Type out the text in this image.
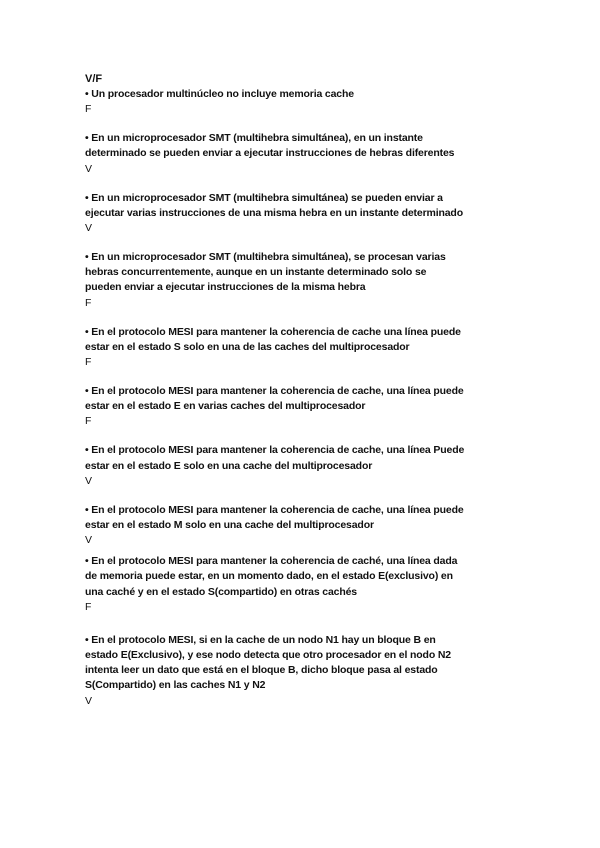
V/F

• Un procesador multinúcleo no incluye memoria cache

F

• En un microprocesador SMT (multihebra simultánea), en un instante determinado se pueden enviar a ejecutar instrucciones de hebras diferentes

V

• En un microprocesador SMT (multihebra simultánea) se pueden enviar a ejecutar varias instrucciones de una misma hebra en un instante determinado

V

• En un microprocesador SMT (multihebra simultánea), se procesan varias hebras concurrentemente, aunque en un instante determinado solo se pueden enviar a ejecutar instrucciones de la misma hebra

F

• En el protocolo MESI para mantener la coherencia de cache una línea puede estar en el estado S solo en una de las caches del multiprocesador

F

• En el protocolo MESI para mantener la coherencia de cache, una línea puede estar en el estado E en varias caches del multiprocesador

F

• En el protocolo MESI para mantener la coherencia de cache, una línea Puede estar en el estado E solo en una cache del multiprocesador

V

• En el protocolo MESI para mantener la coherencia de cache, una línea puede estar en el estado M solo en una cache del multiprocesador

V

• En el protocolo MESI para mantener la coherencia de caché, una línea dada de memoria puede estar, en un momento dado, en el estado E(exclusivo) en una caché y en el estado S(compartido) en otras cachés

F

• En el protocolo MESI, si en la cache de un nodo N1 hay un bloque B en estado E(Exclusivo), y ese nodo detecta que otro procesador en el nodo N2 intenta leer un dato que está en el bloque B, dicho bloque pasa al estado S(Compartido) en las caches N1 y N2

V
